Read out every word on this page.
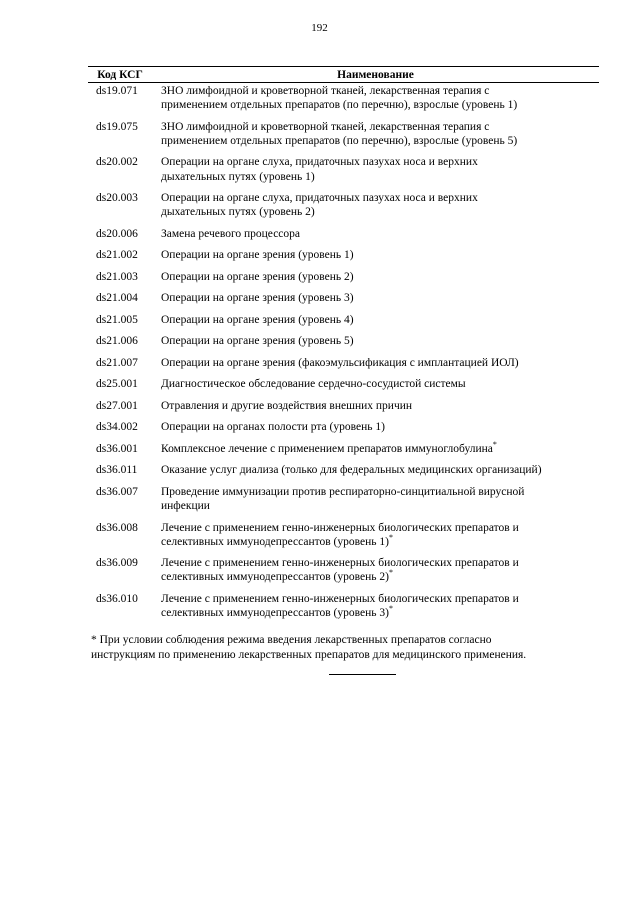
192
Код КСГ	Наименование
ds19.071	ЗНО лимфоидной и кроветворной тканей, лекарственная терапия с
применением отдельных препаратов (по перечню), взрослые (уровень 1)
ds19.075	ЗНО лимфоидной и кроветворной тканей, лекарственная терапия с
применением отдельных препаратов (по перечню), взрослые (уровень 5)
ds20.002	Операции на органе слуха, придаточных пазухах носа и верхних
дыхательных путях (уровень 1)
ds20.003	Операции на органе слуха, придаточных пазухах носа и верхних
дыхательных путях (уровень 2)
ds20.006	Замена речевого процессора
ds21.002	Операции на органе зрения (уровень 1)
ds21.003	Операции на органе зрения (уровень 2)
ds21.004	Операции на органе зрения (уровень 3)
ds21.005	Операции на органе зрения (уровень 4)
ds21.006	Операции на органе зрения (уровень 5)
ds21.007	Операции на органе зрения (факоэмульсификация с имплантацией ИОЛ)
ds25.001	Диагностическое обследование сердечно-сосудистой системы
ds27.001	Отравления и другие воздействия внешних причин
ds34.002	Операции на органах полости рта (уровень 1)
ds36.001	Комплексное лечение с применением препаратов иммуноглобулина*
ds36.011	Оказание услуг диализа (только для федеральных медицинских организаций)
ds36.007	Проведение иммунизации против респираторно-синцитиальной вирусной
инфекции
ds36.008	Лечение с применением генно-инженерных биологических препаратов и
селективных иммунодепрессантов (уровень 1)*
ds36.009	Лечение с применением генно-инженерных биологических препаратов и
селективных иммунодепрессантов (уровень 2)*
ds36.010	Лечение с применением генно-инженерных биологических препаратов и
селективных иммунодепрессантов (уровень 3)*
* При условии соблюдения режима введения лекарственных препаратов согласно
инструкциям по применению лекарственных препаратов для медицинского применения.
